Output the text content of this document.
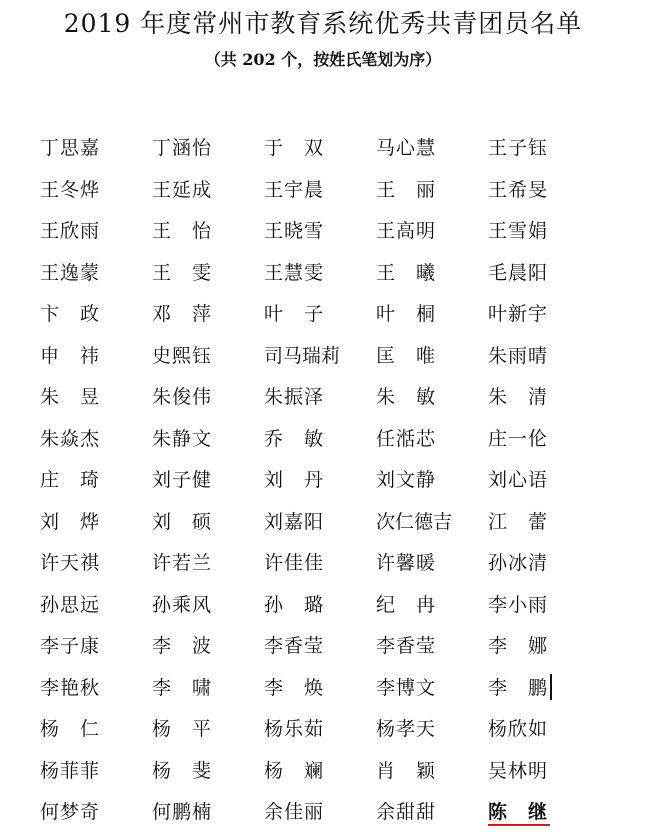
2019 年度常州市教育系统优秀共青团员名单
（共 202 个，按姓氏笔划为序）
丁思嘉	丁涵怡	于　双	马心慧	王子钰
王冬烨	王延成	王宇晨	王　丽	王希旻
王欣雨	王　怡	王晓雪	王高明	王雪娟
王逸蒙	王　雯	王慧雯	王　曦	毛晨阳
卞　政	邓　萍	叶　子	叶　桐	叶新宇
申　祎	史熙钰	司马瑞莉	匡　唯	朱雨晴
朱　昱	朱俊伟	朱振泽	朱　敏	朱　清
朱焱杰	朱静文	乔　敏	任湉芯	庄一伦
庄　琦	刘子健	刘　丹	刘文静	刘心语
刘　烨	刘　硕	刘嘉阳	次仁德吉	江　蕾
许天祺	许若兰	许佳佳	许馨暖	孙冰清
孙思远	孙乘风	孙　璐	纪　冉	李小雨
李子康	李　波	李香莹	李香莹	李　娜
李艳秋	李　啸	李　焕	李博文	李　鹏
杨　仁	杨　平	杨乐茹	杨孝天	杨欣如
杨菲菲	杨　斐	杨　斓	肖　颖	吴林明
何梦奇	何鹏楠	余佳丽	余甜甜	陈　继
